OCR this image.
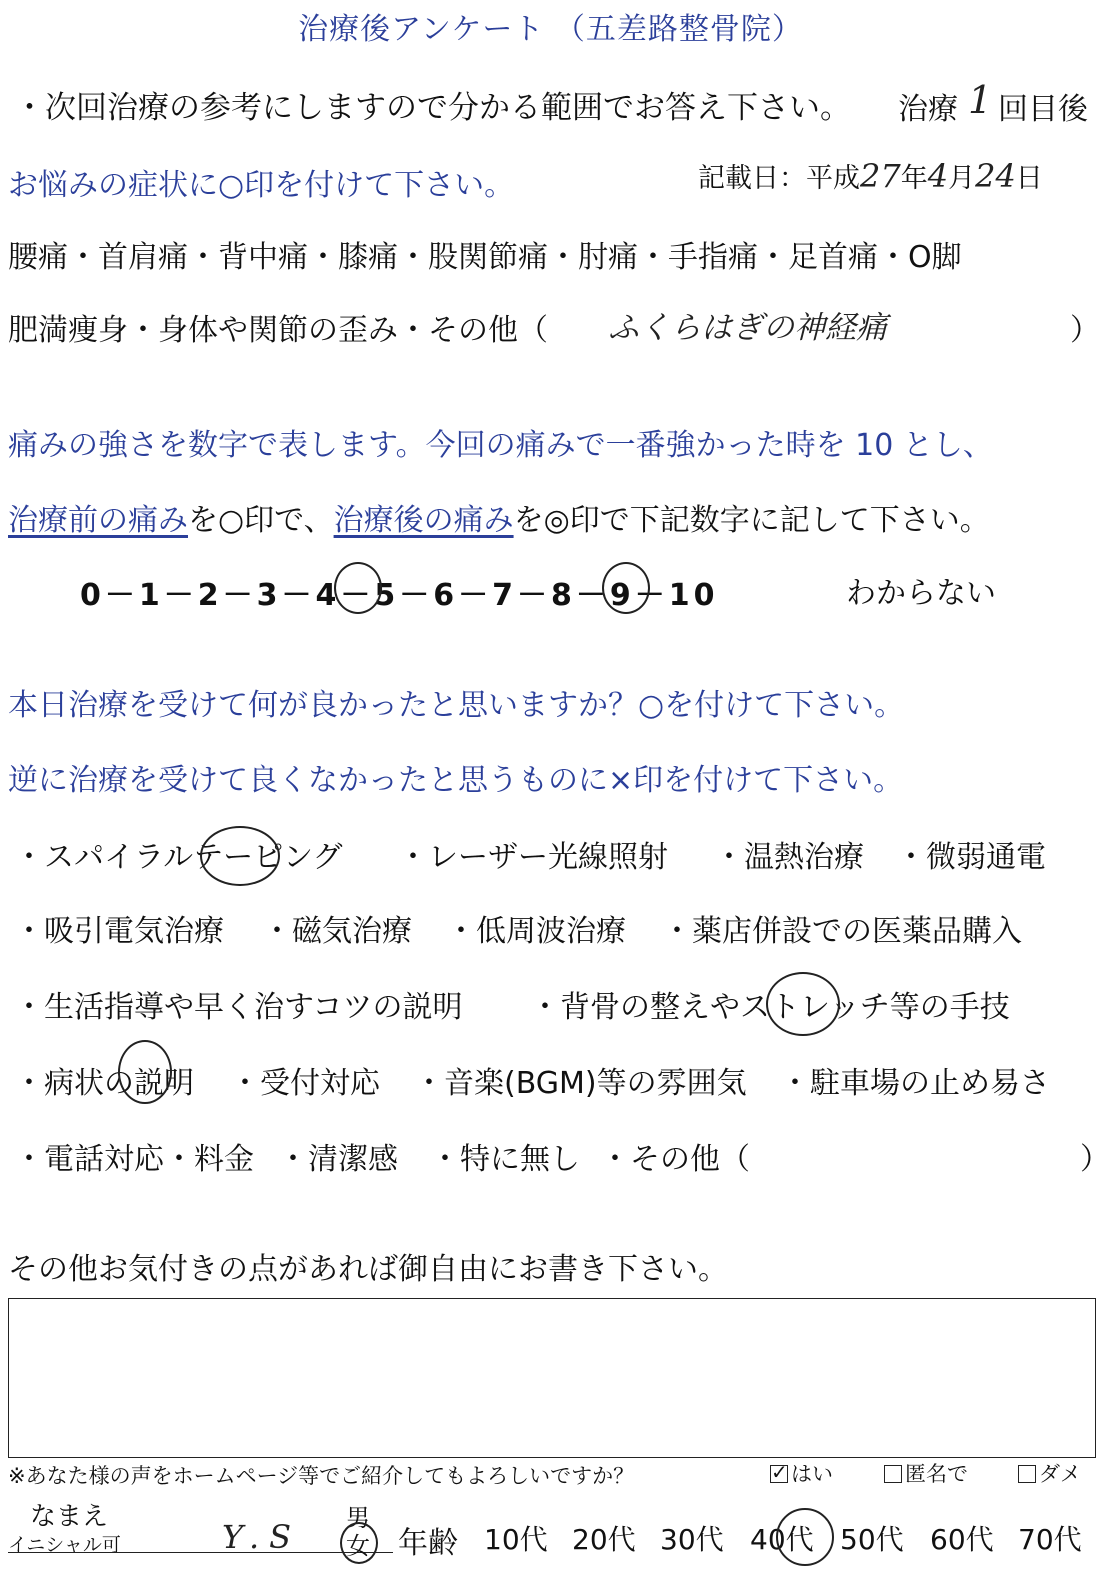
治療後アンケート （五差路整骨院）
・次回治療の参考にしますので分かる範囲でお答え下さい。 治療 1 回目後
お悩みの症状に○印を付けて下さい。	記載日：平成27年4月24日
腰痛・首肩痛・背中痛・膝痛・股関節痛・肘痛・手指痛・足首痛・O脚
肥満痩身・身体や関節の歪み・その他（ ふくらはぎの神経痛	）
痛みの強さを数字で表します。今回の痛みで一番強かった時を 10 とし、
治療前の痛みを○印で、治療後の痛みを◎印で下記数字に記して下さい。
0－1－2－3－4－5－6－7－8－9－10	わからない
本日治療を受けて何が良かったと思いますか？○を付けて下さい。
逆に治療を受けて良くなかったと思うものに×印を付けて下さい。
・スパイラルテーピング ・レーザー光線照射 ・温熱治療 ・微弱通電
・吸引電気治療 ・磁気治療 ・低周波治療 ・薬店併設での医薬品購入
・生活指導や早く治すコツの説明 ・背骨の整えやストレッチ等の手技
・病状の説明 ・受付対応 ・音楽(BGM)等の雰囲気 ・駐車場の止め易さ
・電話対応・料金 ・清潔感 ・特に無し ・その他（	）
その他お気付きの点があれば御自由にお書き下さい。
※あなた様の声をホームページ等でご紹介してもよろしいですか？ ✓	はい	匿名で	ダメ
なまえ
イニシャル可	Y.S 男
女 年齢 10代 20代 30代 40代 50代 60代 70代
